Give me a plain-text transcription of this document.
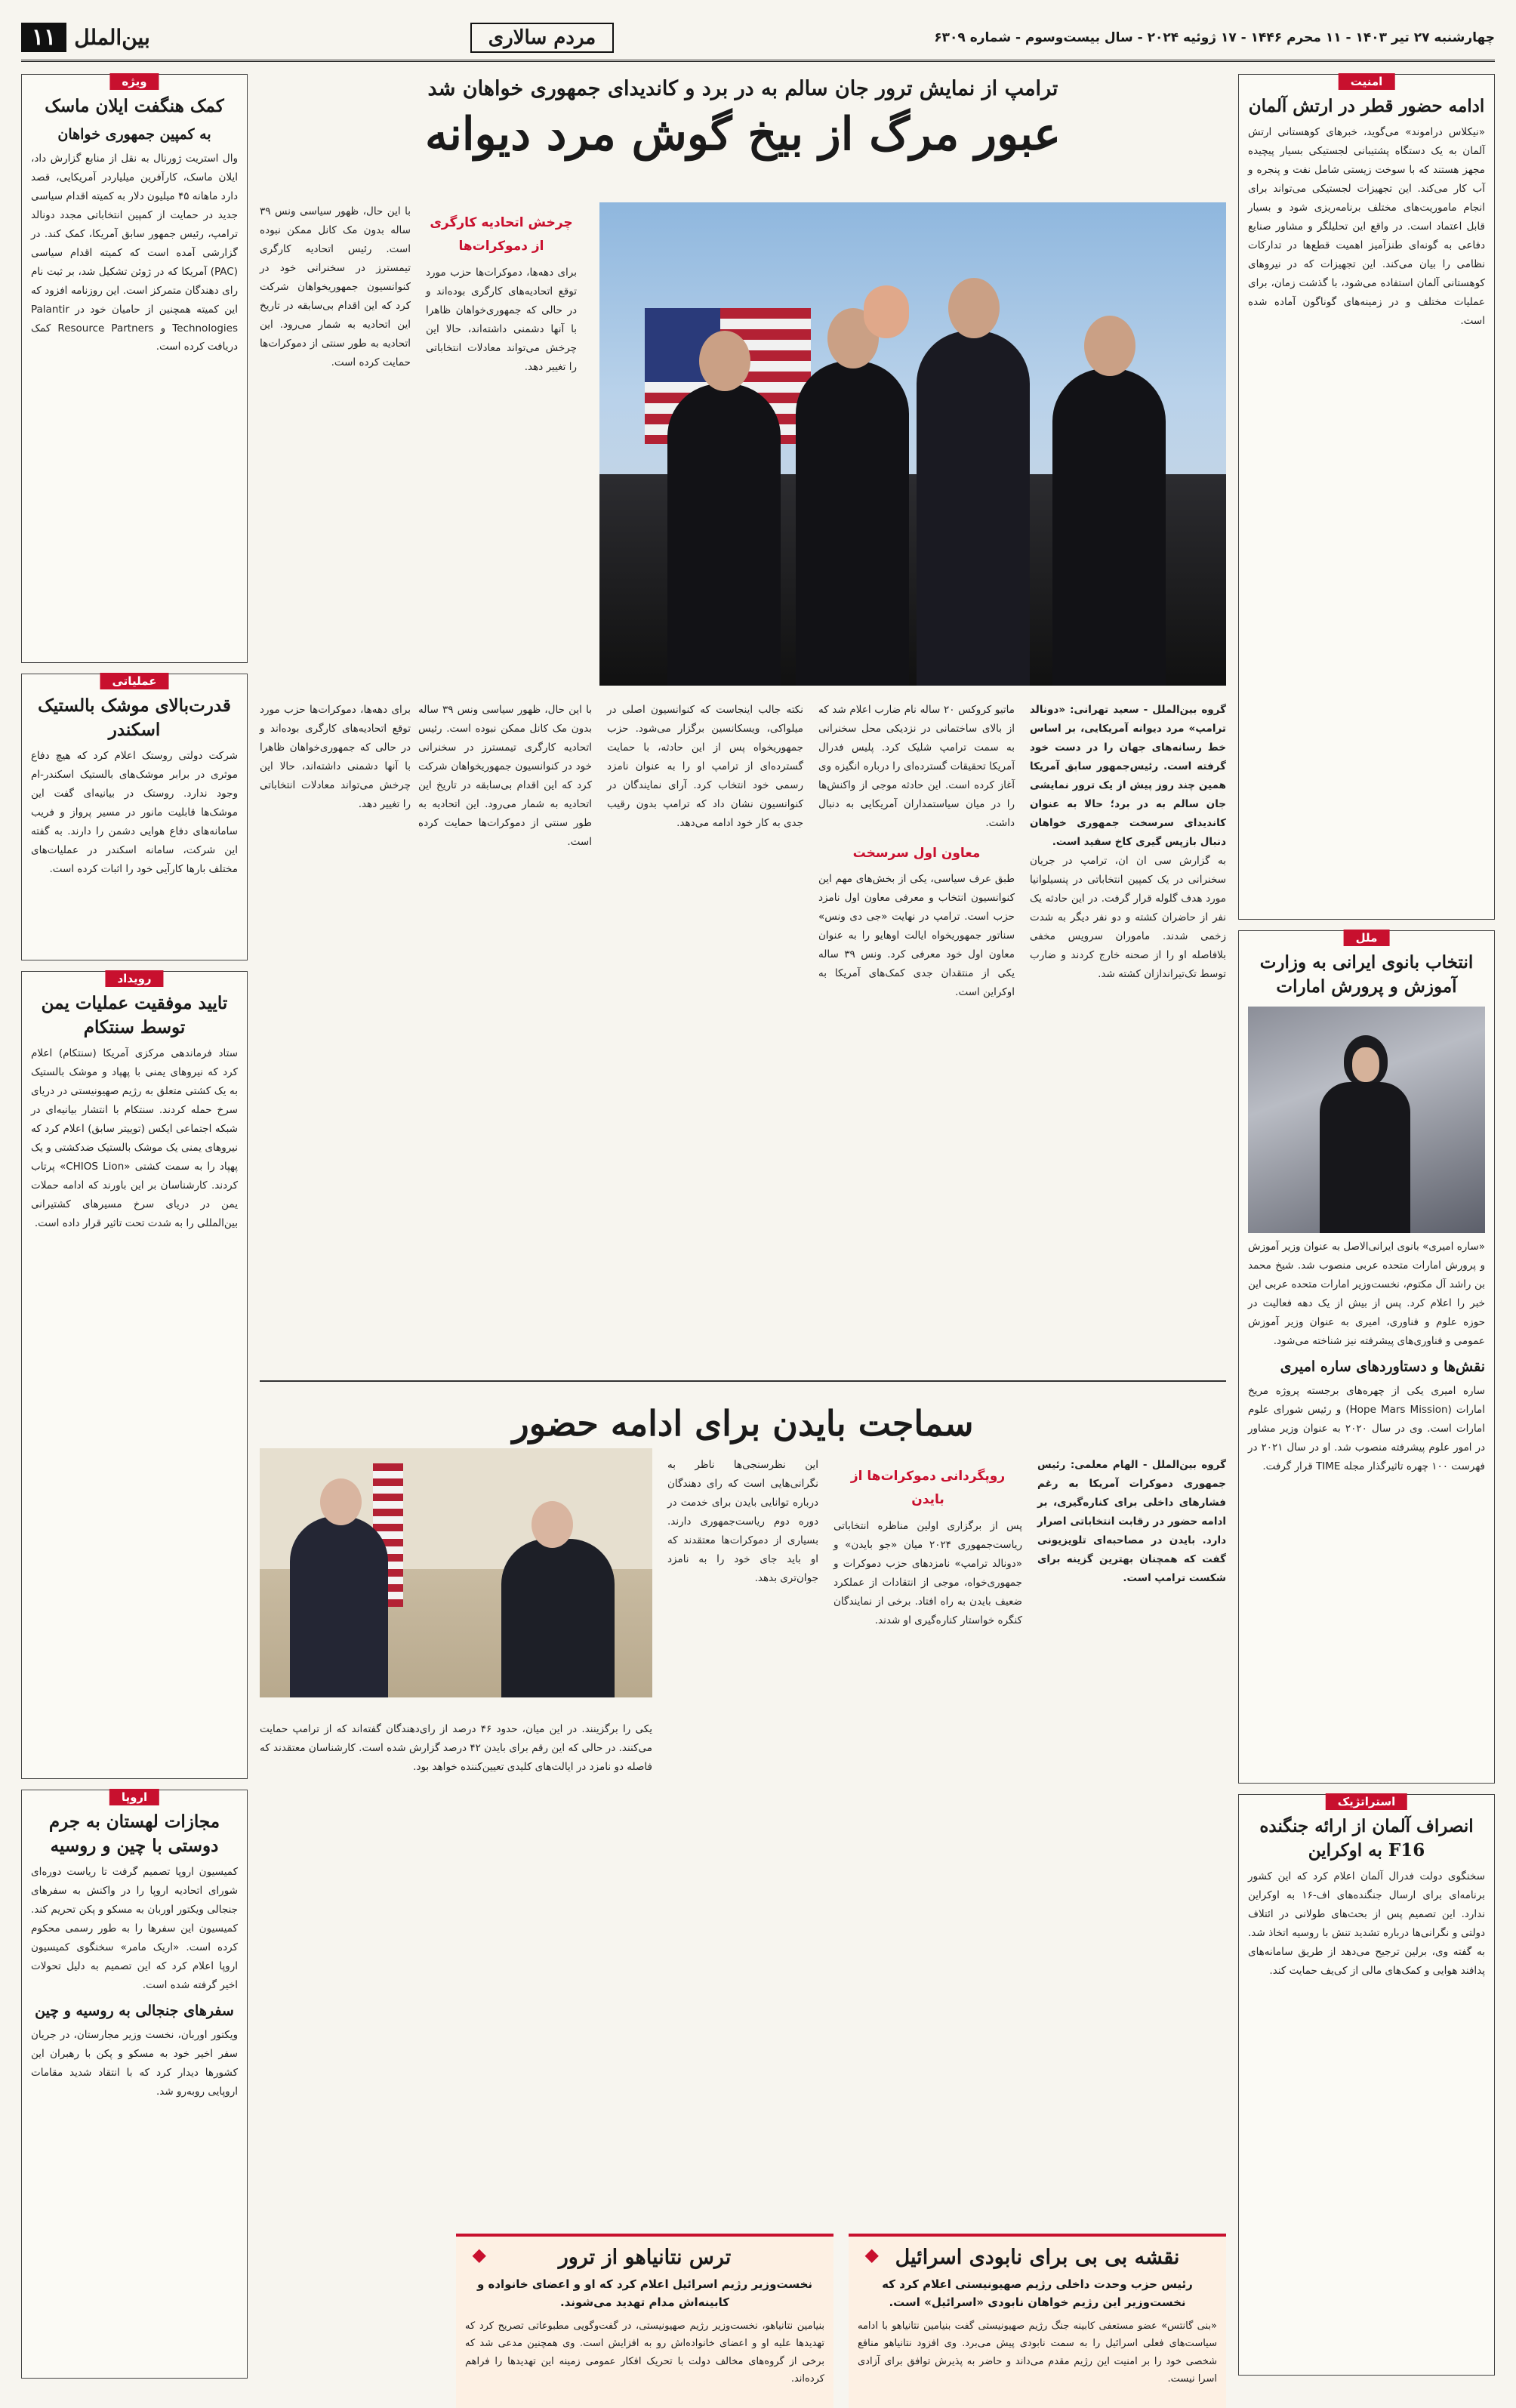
چهارشنبه ۲۷ تیر ۱۴۰۳ - ۱۱ محرم ۱۴۴۶ - ۱۷ ژوئیه ۲۰۲۴ - سال بیست‌وسوم - شماره ۶۳۰۹
مردم سالاری
بین‌الملل
۱۱
امنیت
ادامه حضور قطر در ارتش آلمان

«نیکلاس دراموند» می‌گوید، خبرهای کوهستانی ارتش آلمان به یک دستگاه پشتیبانی لجستیکی بسیار پیچیده مجهز هستند که با سوخت زیستی شامل نفت و پنجره و آب کار می‌کند. این تجهیزات لجستیکی می‌تواند برای انجام ماموریت‌های مختلف برنامه‌ریزی شود و بسیار قابل اعتماد است. در واقع این تحلیلگر و مشاور صنایع دفاعی به گونه‌ای طنزآمیز اهمیت قطع‌ها در تدارکات نظامی را بیان می‌کند. این تجهیزات که در نیروهای کوهستانی آلمان استفاده می‌شود، با گذشت زمان، برای عملیات مختلف و در زمینه‌های گوناگون آماده شده است.

ملل
انتخاب بانوی ایرانی به وزارت آموزش و پرورش امارات

«ساره امیری» بانوی ایرانی‌الاصل به عنوان وزیر آموزش و پرورش امارات متحده عربی منصوب شد. شیخ محمد بن راشد آل مکتوم، نخست‌وزیر امارات متحده عربی این خبر را اعلام کرد. پس از بیش از یک دهه فعالیت در حوزه علوم و فناوری، امیری به عنوان وزیر آموزش عمومی و فناوری‌های پیشرفته نیز شناخته می‌شود.

نقش‌ها و دستاوردهای ساره امیری

ساره امیری یکی از چهره‌های برجسته پروژه مریخ امارات (Hope Mars Mission) و رئیس شورای علوم امارات است. وی در سال ۲۰۲۰ به عنوان وزیر مشاور در امور علوم پیشرفته منصوب شد. او در سال ۲۰۲۱ در فهرست ۱۰۰ چهره تاثیرگذار مجله TIME قرار گرفت.

استراتژیک
انصراف آلمان از ارائه جنگنده F16 به اوکراین

سخنگوی دولت فدرال آلمان اعلام کرد که این کشور برنامه‌ای برای ارسال جنگنده‌های اف-۱۶ به اوکراین ندارد. این تصمیم پس از بحث‌های طولانی در ائتلاف دولتی و نگرانی‌ها درباره تشدید تنش با روسیه اتخاذ شد. به گفته وی، برلین ترجیح می‌دهد از طریق سامانه‌های پدافند هوایی و کمک‌های مالی از کی‌یف حمایت کند.

ویژه
کمک هنگفت ایلان ماسک
به کمپین جمهوری خواهان

وال استریت ژورنال به نقل از منابع گزارش داد، ایلان ماسک، کارآفرین میلیاردر آمریکایی، قصد دارد ماهانه ۴۵ میلیون دلار به کمیته اقدام سیاسی جدید در حمایت از کمپین انتخاباتی مجدد دونالد ترامپ، رئیس جمهور سابق آمریکا، کمک کند. در گزارشی آمده است که کمیته اقدام سیاسی (PAC) آمریکا که در ژوئن تشکیل شد، بر ثبت نام رای دهندگان متمرکز است. این روزنامه افزود که این کمیته همچنین از حامیان خود در Palantir Technologies و Resource Partners کمک دریافت کرده است.

عملیاتی
قدرت‌بالای موشک بالستیک اسکندر

شرکت دولتی روستک اعلام کرد که هیچ دفاع موثری در برابر موشک‌های بالستیک اسکندر-ام وجود ندارد. روستک در بیانیه‌ای گفت این موشک‌ها قابلیت مانور در مسیر پرواز و فریب سامانه‌های دفاع هوایی دشمن را دارند. به گفته این شرکت، سامانه اسکندر در عملیات‌های مختلف بارها کارآیی خود را اثبات کرده است.

رویداد
تایید موفقیت عملیات یمن توسط سنتکام

ستاد فرماندهی مرکزی آمریکا (سنتکام) اعلام کرد که نیروهای یمنی با پهپاد و موشک بالستیک به یک کشتی متعلق به رژیم صهیونیستی در دریای سرخ حمله کردند. سنتکام با انتشار بیانیه‌ای در شبکه اجتماعی ایکس (توییتر سابق) اعلام کرد که نیروهای یمنی یک موشک بالستیک ضدکشتی و یک پهپاد را به سمت کشتی «CHIOS Lion» پرتاب کردند. کارشناسان بر این باورند که ادامه حملات یمن در دریای سرخ مسیرهای کشتیرانی بین‌المللی را به شدت تحت تاثیر قرار داده است.

اروپا
مجازات لهستان به جرم دوستی با چین و روسیه

کمیسیون اروپا تصمیم گرفت تا ریاست دوره‌ای شورای اتحادیه اروپا را در واکنش به سفرهای جنجالی ویکتور اوربان به مسکو و پکن تحریم کند. کمیسیون این سفرها را به طور رسمی محکوم کرده است. «اریک مامر» سخنگوی کمیسیون اروپا اعلام کرد که این تصمیم به دلیل تحولات اخیر گرفته شده است.

سفرهای جنجالی به روسیه و چین

ویکتور اوربان، نخست وزیر مجارستان، در جریان سفر اخیر خود به مسکو و پکن با رهبران این کشورها دیدار کرد که با انتقاد شدید مقامات اروپایی روبه‌رو شد.

ترامپ از نمایش ترور جان سالم به در برد و کاندیدای جمهوری خواهان شد
عبور مرگ از بیخ گوش مرد دیوانه
با این حال، ظهور سیاسی ونس ۳۹ ساله بدون مک کانل ممکن نبوده است. رئیس اتحادیه کارگری تیمسترز در سخنرانی خود در کنوانسیون جمهوریخواهان شرکت کرد که این اقدام بی‌سابقه در تاریخ این اتحادیه به شمار می‌رود. این اتحادیه به طور سنتی از دموکرات‌ها حمایت کرده است.
چرخش اتحادیه کارگری از دموکرات‌ها
برای دهه‌ها، دموکرات‌ها حزب مورد توقع اتحادیه‌های کارگری بوده‌اند و در حالی که جمهوری‌خواهان ظاهرا با آنها دشمنی داشته‌اند، حالا این چرخش می‌تواند معادلات انتخاباتی را تغییر دهد.

گروه بین‌الملل - سعید تهرانی: «دونالد ترامپ» مرد دیوانه آمریکایی، بر اساس خط رسانه‌های جهان را در دست خود گرفته است. رئیس‌جمهور سابق آمریکا همین چند روز پیش از یک ترور نمایشی جان سالم به در برد؛ حالا به عنوان کاندیدای سرسخت جمهوری خواهان دنبال بازپس گیری کاخ سفید است.

به گزارش سی ان ان، ترامپ در جریان سخنرانی در یک کمپین انتخاباتی در پنسیلوانیا مورد هدف گلوله قرار گرفت. در این حادثه یک نفر از حاضران کشته و دو نفر دیگر به شدت زخمی شدند. ماموران سرویس مخفی بلافاصله او را از صحنه خارج کردند و ضارب توسط تک‌تیراندازان کشته شد.

ماتیو کروکس ۲۰ ساله نام ضارب اعلام شد که از بالای ساختمانی در نزدیکی محل سخنرانی به سمت ترامپ شلیک کرد. پلیس فدرال آمریکا تحقیقات گسترده‌ای را درباره انگیزه وی آغاز کرده است. این حادثه موجی از واکنش‌ها را در میان سیاستمداران آمریکایی به دنبال داشت.

معاون اول سرسخت

طبق عرف سیاسی، یکی از بخش‌های مهم این کنوانسیون انتخاب و معرفی معاون اول نامزد حزب است. ترامپ در نهایت «جی دی ونس» سناتور جمهوریخواه ایالت اوهایو را به عنوان معاون اول خود معرفی کرد. ونس ۳۹ ساله یکی از منتقدان جدی کمک‌های آمریکا به اوکراین است.

نکته جالب اینجاست که کنوانسیون اصلی در میلواکی، ویسکانسین برگزار می‌شود. حزب جمهوریخواه پس از این حادثه، با حمایت گسترده‌ای از ترامپ او را به عنوان نامزد رسمی خود انتخاب کرد. آرای نمایندگان در کنوانسیون نشان داد که ترامپ بدون رقیب جدی به کار خود ادامه می‌دهد.

با این حال، ظهور سیاسی ونس ۳۹ ساله بدون مک کانل ممکن نبوده است. رئیس اتحادیه کارگری تیمسترز در سخنرانی خود در کنوانسیون جمهوریخواهان شرکت کرد که این اقدام بی‌سابقه در تاریخ این اتحادیه به شمار می‌رود. این اتحادیه به طور سنتی از دموکرات‌ها حمایت کرده است.

برای دهه‌ها، دموکرات‌ها حزب مورد توقع اتحادیه‌های کارگری بوده‌اند و در حالی که جمهوری‌خواهان ظاهرا با آنها دشمنی داشته‌اند، حالا این چرخش می‌تواند معادلات انتخاباتی را تغییر دهد.

سماجت بایدن برای ادامه حضور

گروه بین‌الملل - الهام معلمی: رئیس جمهوری دموکرات آمریکا به رغم فشارهای داخلی برای کناره‌گیری، بر ادامه حضور در رقابت انتخاباتی اصرار دارد. بایدن در مصاحبه‌ای تلویزیونی گفت که همچنان بهترین گزینه برای شکست ترامپ است.

روپگردانی دموکرات‌ها از بایدن

پس از برگزاری اولین مناظره انتخاباتی ریاست‌جمهوری ۲۰۲۴ میان «جو بایدن» و «دونالد ترامپ» نامزدهای حزب دموکرات و جمهوری‌خواه، موجی از انتقادات از عملکرد ضعیف بایدن به راه افتاد. برخی از نمایندگان کنگره خواستار کناره‌گیری او شدند.

این نظرسنجی‌ها ناظر به نگرانی‌هایی است که رای دهندگان درباره توانایی بایدن برای خدمت در دوره دوم ریاست‌جمهوری دارند. بسیاری از دموکرات‌ها معتقدند که او باید جای خود را به نامزد جوان‌تری بدهد.

یکی را برگزینند. در این میان، حدود ۴۶ درصد از رای‌دهندگان گفته‌اند که از ترامپ حمایت می‌کنند. در حالی که این رقم برای بایدن ۴۲ درصد گزارش شده است. کارشناسان معتقدند که فاصله دو نامزد در ایالت‌های کلیدی تعیین‌کننده خواهد بود.

◆ نقشه بی بی برای نابودی اسرائیل
رئیس حزب وحدت داخلی رژیم صهیونیستی اعلام کرد که نخست‌وزیر این رژیم خواهان نابودی «اسرائیل» است.

«بنی گانتس» عضو مستعفی کابینه جنگ رژیم صهیونیستی گفت بنیامین نتانیاهو با ادامه سیاست‌های فعلی اسرائیل را به سمت نابودی پیش می‌برد. وی افزود نتانیاهو منافع شخصی خود را بر امنیت این رژیم مقدم می‌داند و حاضر به پذیرش توافق برای آزادی اسرا نیست.

◆	ترس نتانیاهو از ترور
نخست‌وزیر رژیم اسرائیل اعلام کرد که او و اعضای خانواده و کابینه‌اش مدام تهدید می‌شوند.

بنیامین نتانیاهو، نخست‌وزیر رژیم صهیونیستی، در گفت‌وگویی مطبوعاتی تصریح کرد که تهدیدها علیه او و اعضای خانواده‌اش رو به افزایش است. وی همچنین مدعی شد که برخی از گروه‌های مخالف دولت با تحریک افکار عمومی زمینه این تهدیدها را فراهم کرده‌اند.
